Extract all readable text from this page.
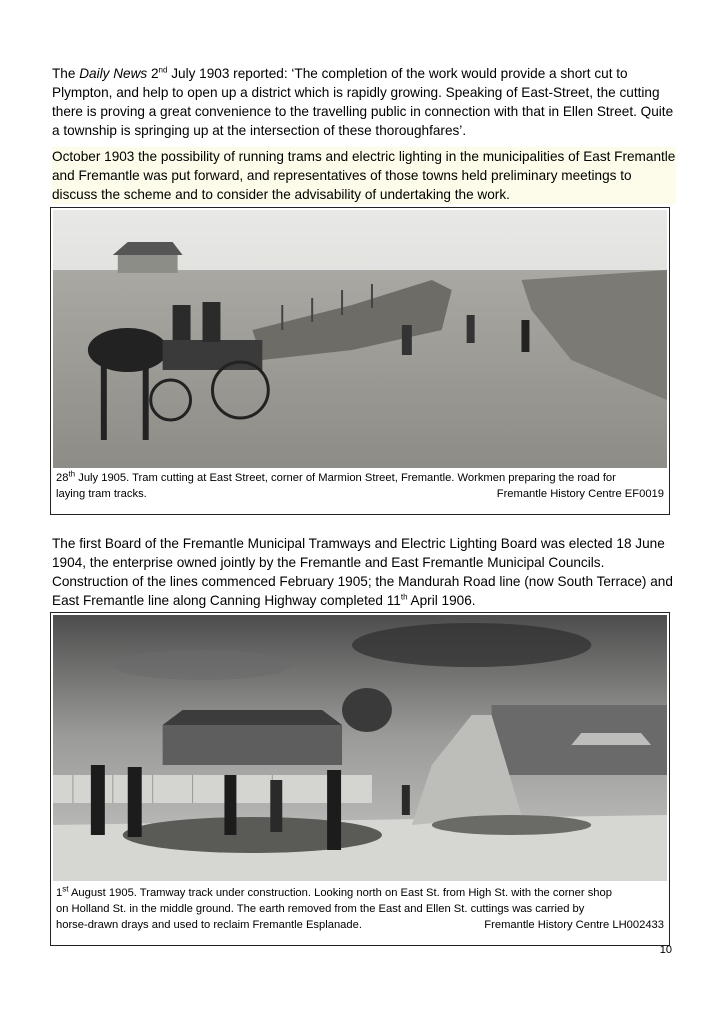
The Daily News 2nd July 1903 reported: ‘The completion of the work would provide a short cut to Plympton, and help to open up a district which is rapidly growing. Speaking of East-Street, the cutting there is proving a great convenience to the travelling public in connection with that in Ellen Street. Quite a township is springing up at the intersection of these thoroughfares’.
October 1903 the possibility of running trams and electric lighting in the municipalities of East Fremantle and Fremantle was put forward, and representatives of those towns held preliminary meetings to discuss the scheme and to consider the advisability of undertaking the work.
28th July 1905. Tram cutting at East Street, corner of Marmion Street, Fremantle. Workmen preparing the road for
laying tram tracks.	Fremantle History Centre EF0019
The first Board of the Fremantle Municipal Tramways and Electric Lighting Board was elected 18 June 1904, the enterprise owned jointly by the Fremantle and East Fremantle Municipal Councils. Construction of the lines commenced February 1905; the Mandurah Road line (now South Terrace) and East Fremantle line along Canning Highway completed 11th April 1906.
1st August 1905. Tramway track under construction. Looking north on East St. from High St. with the corner shop
on Holland St. in the middle ground. The earth removed from the East and Ellen St. cuttings was carried by
horse-drawn drays and used to reclaim Fremantle Esplanade.	Fremantle History Centre LH002433
10
